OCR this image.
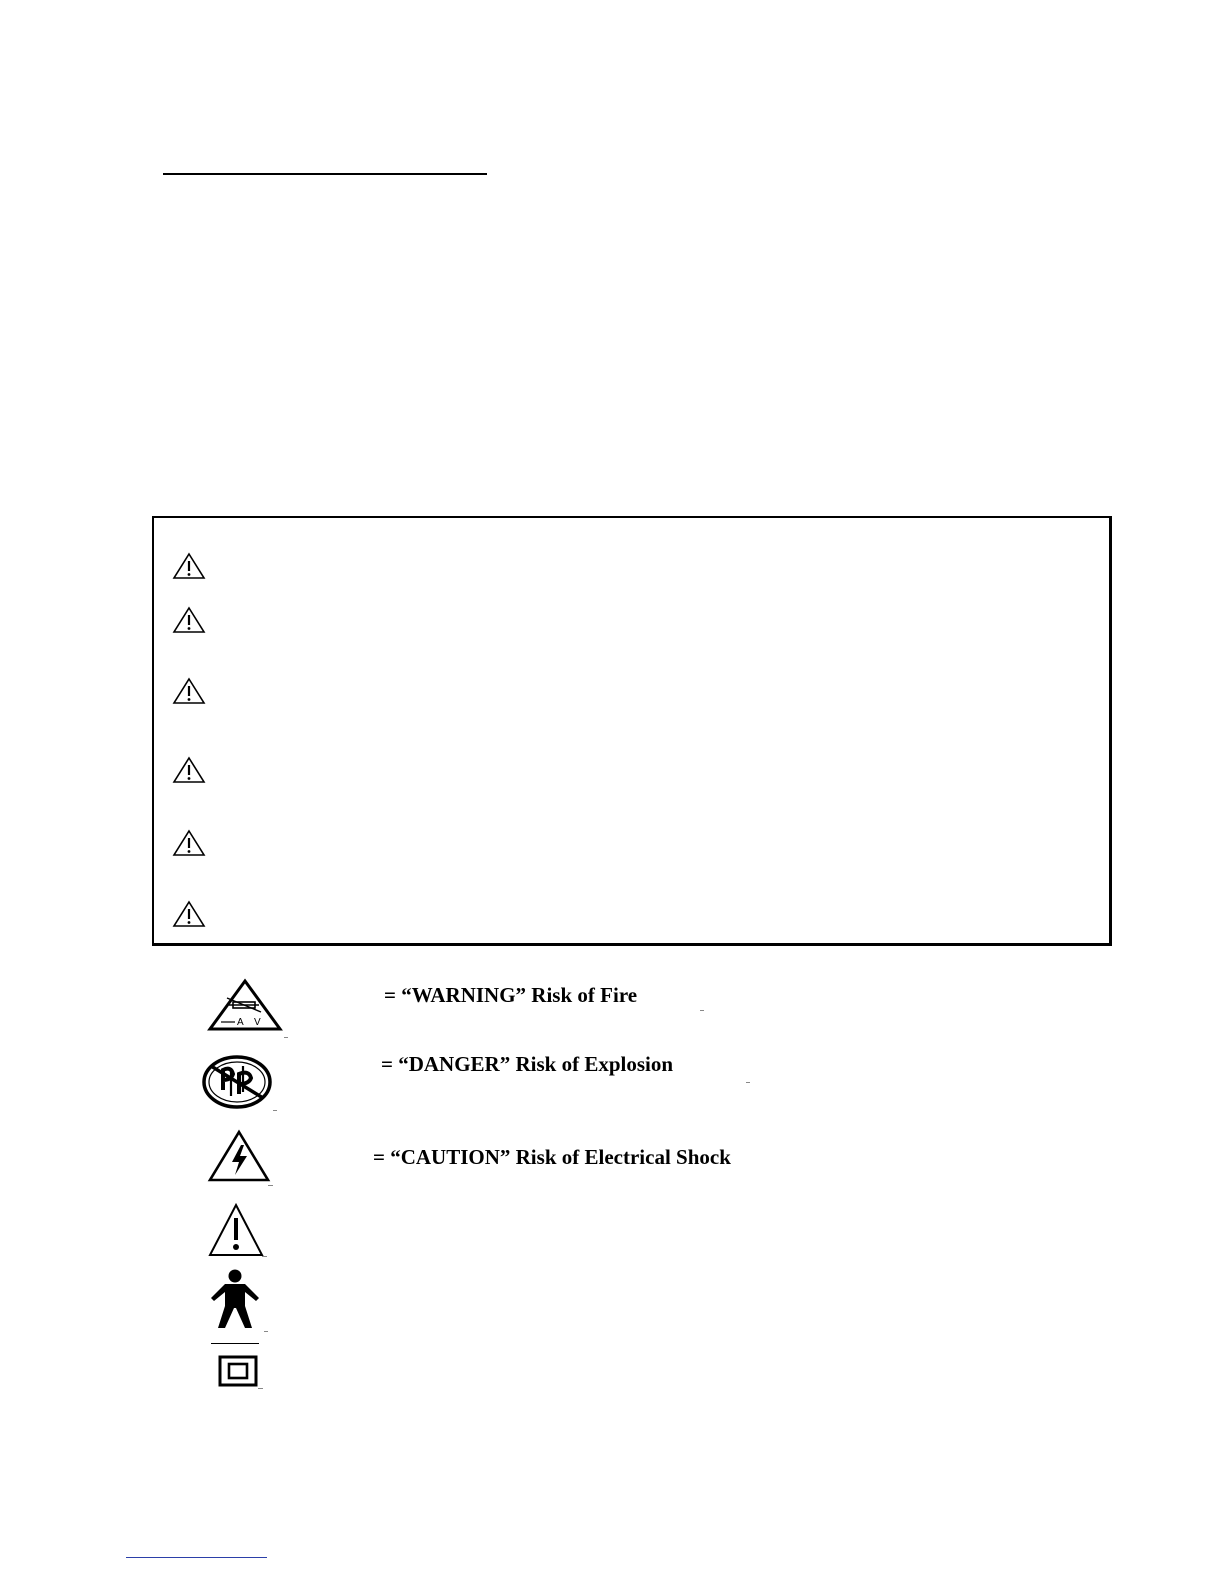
A V
= “WARNING” Risk of Fire
= “DANGER” Risk of Explosion
= “CAUTION” Risk of Electrical Shock
